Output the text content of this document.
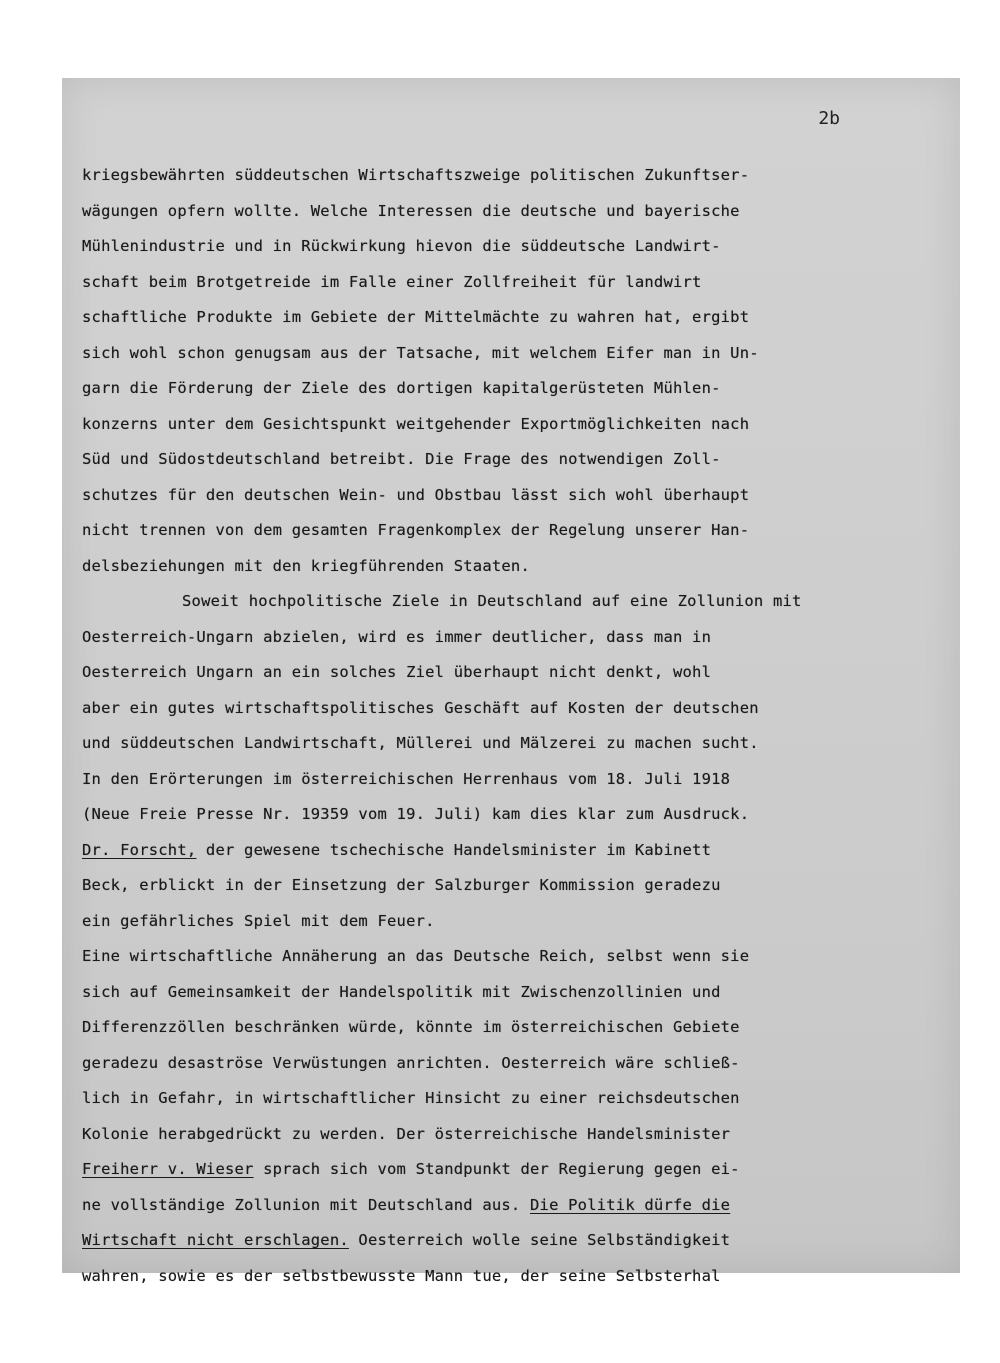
2b
kriegsbewährten süddeutschen Wirtschaftszweige politischen Zukunftser-
wägungen opfern wollte. Welche Interessen die deutsche und bayerische
Mühlenindustrie und in Rückwirkung hievon die süddeutsche Landwirt-
schaft beim Brotgetreide im Falle einer Zollfreiheit für landwirt
schaftliche Produkte im Gebiete der Mittelmächte zu wahren hat, ergibt
sich wohl schon genugsam aus der Tatsache, mit welchem Eifer man in Un-
garn die Förderung der Ziele des dortigen kapitalgerüsteten Mühlen-
konzerns unter dem Gesichtspunkt weitgehender Exportmöglichkeiten nach
Süd und Südostdeutschland betreibt. Die Frage des notwendigen Zoll-
schutzes für den deutschen Wein- und Obstbau lässt sich wohl überhaupt
nicht trennen von dem gesamten Fragenkomplex der Regelung unserer Han-
delsbeziehungen mit den kriegführenden Staaten.
Soweit hochpolitische Ziele in Deutschland auf eine Zollunion mit
Oesterreich-Ungarn abzielen, wird es immer deutlicher, dass man in
Oesterreich Ungarn an ein solches Ziel überhaupt nicht denkt, wohl
aber ein gutes wirtschaftspolitisches Geschäft auf Kosten der deutschen
und süddeutschen Landwirtschaft, Müllerei und Mälzerei zu machen sucht.
In den Erörterungen im österreichischen Herrenhaus vom 18. Juli 1918
(Neue Freie Presse Nr. 19359 vom 19. Juli) kam dies klar zum Ausdruck.
Dr. Forscht, der gewesene tschechische Handelsminister im Kabinett
Beck, erblickt in der Einsetzung der Salzburger Kommission geradezu
ein gefährliches Spiel mit dem Feuer.
Eine wirtschaftliche Annäherung an das Deutsche Reich, selbst wenn sie
sich auf Gemeinsamkeit der Handelspolitik mit Zwischenzollinien und
Differenzzöllen beschränken würde, könnte im österreichischen Gebiete
geradezu desaströse Verwüstungen anrichten. Oesterreich wäre schließ-
lich in Gefahr, in wirtschaftlicher Hinsicht zu einer reichsdeutschen
Kolonie herabgedrückt zu werden. Der österreichische Handelsminister
Freiherr v. Wieser sprach sich vom Standpunkt der Regierung gegen ei-
ne vollständige Zollunion mit Deutschland aus. Die Politik dürfe die
Wirtschaft nicht erschlagen. Oesterreich wolle seine Selbständigkeit
wahren, sowie es der selbstbewusste Mann tue, der seine Selbsterhal
